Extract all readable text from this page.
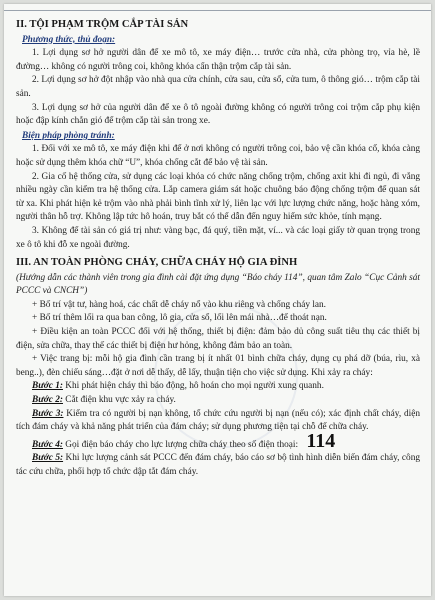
II. TỘI PHẠM TRỘM CẮP TÀI SẢN
Phương thức, thủ đoạn:

1. Lợi dụng sơ hở người dân để xe mô tô, xe máy điện… trước cửa nhà, cửa phòng trọ, vỉa hè, lề đường… không có người trông coi, không khóa cẩn thận trộm cắp tài sản.

2. Lợi dụng sơ hở đột nhập vào nhà qua cửa chính, cửa sau, cửa sổ, cửa tum, ô thông gió… trộm cắp tài sản.

3. Lợi dụng sơ hở của người dân để xe ô tô ngoài đường không có người trông coi trộm cắp phụ kiện hoặc đập kính chắn gió để trộm cắp tài sản trong xe.

Biện pháp phòng tránh:

1. Đối với xe mô tô, xe máy điện khi để ở nơi không có người trông coi, bảo vệ cần khóa cổ, khóa càng hoặc sử dụng thêm khóa chữ “U”, khóa chống cắt để bảo vệ tài sản.

2. Gia cố hệ thống cửa, sử dụng các loại khóa có chức năng chống trộm, chống axit khi đi ngủ, đi vắng nhiều ngày cần kiểm tra hệ thống cửa. Lắp camera giám sát hoặc chuông báo động chống trộm để quan sát từ xa. Khi phát hiện kẻ trộm vào nhà phải bình tĩnh xử lý, liên lạc với lực lượng chức năng, hoặc hàng xóm, người thân hỗ trợ. Không lập tức hô hoán, truy bắt có thể dẫn đến nguy hiểm sức khỏe, tính mạng.

3. Không để tài sản có giá trị như: vàng bạc, đá quý, tiền mặt, ví... và các loại giấy tờ quan trọng trong xe ô tô khi đỗ xe ngoài đường.

III. AN TOÀN PHÒNG CHÁY, CHỮA CHÁY HỘ GIA ĐÌNH

(Hướng dẫn các thành viên trong gia đình cài đặt ứng dụng “Báo cháy 114”, quan tâm Zalo “Cục Cảnh sát PCCC và CNCH”)

+ Bố trí vật tư, hàng hoá, các chất dễ cháy nổ vào khu riêng và chống cháy lan.

+ Bố trí thêm lối ra qua ban công, lô gia, cửa sổ, lối lên mái nhà…để thoát nạn.

+ Điều kiện an toàn PCCC đối với hệ thống, thiết bị điện: đảm bảo dủ công suất tiêu thụ các thiết bị điện, sửa chữa, thay thế các thiết bị điện hư hỏng, không đảm bảo an toàn.

+ Việc trang bị: mỗi hộ gia đình cần trang bị ít nhất 01 bình chữa cháy, dụng cụ phá dỡ (búa, rìu, xà beng..), đèn chiếu sáng…đặt ở nơi dễ thấy, dễ lấy, thuận tiện cho việc sử dụng. Khi xảy ra cháy:

Bước 1: Khi phát hiện cháy thì báo động, hô hoán cho mọi người xung quanh.

Bước 2: Cắt điện khu vực xảy ra cháy.

Bước 3: Kiểm tra có người bị nạn không, tổ chức cứu người bị nạn (nếu có); xác định chất cháy, diện tích đám cháy và khả năng phát triển của đám cháy; sử dụng phương tiện tại chỗ để chữa cháy.

Bước 4: Gọi điện báo cháy cho lực lượng chữa cháy theo số điện thoại: 114

Bước 5: Khi lực lượng cảnh sát PCCC đến đám cháy, báo cáo sơ bộ tình hình diễn biến đám cháy, công tác cứu chữa, phối hợp tổ chức dập tắt đám cháy.
